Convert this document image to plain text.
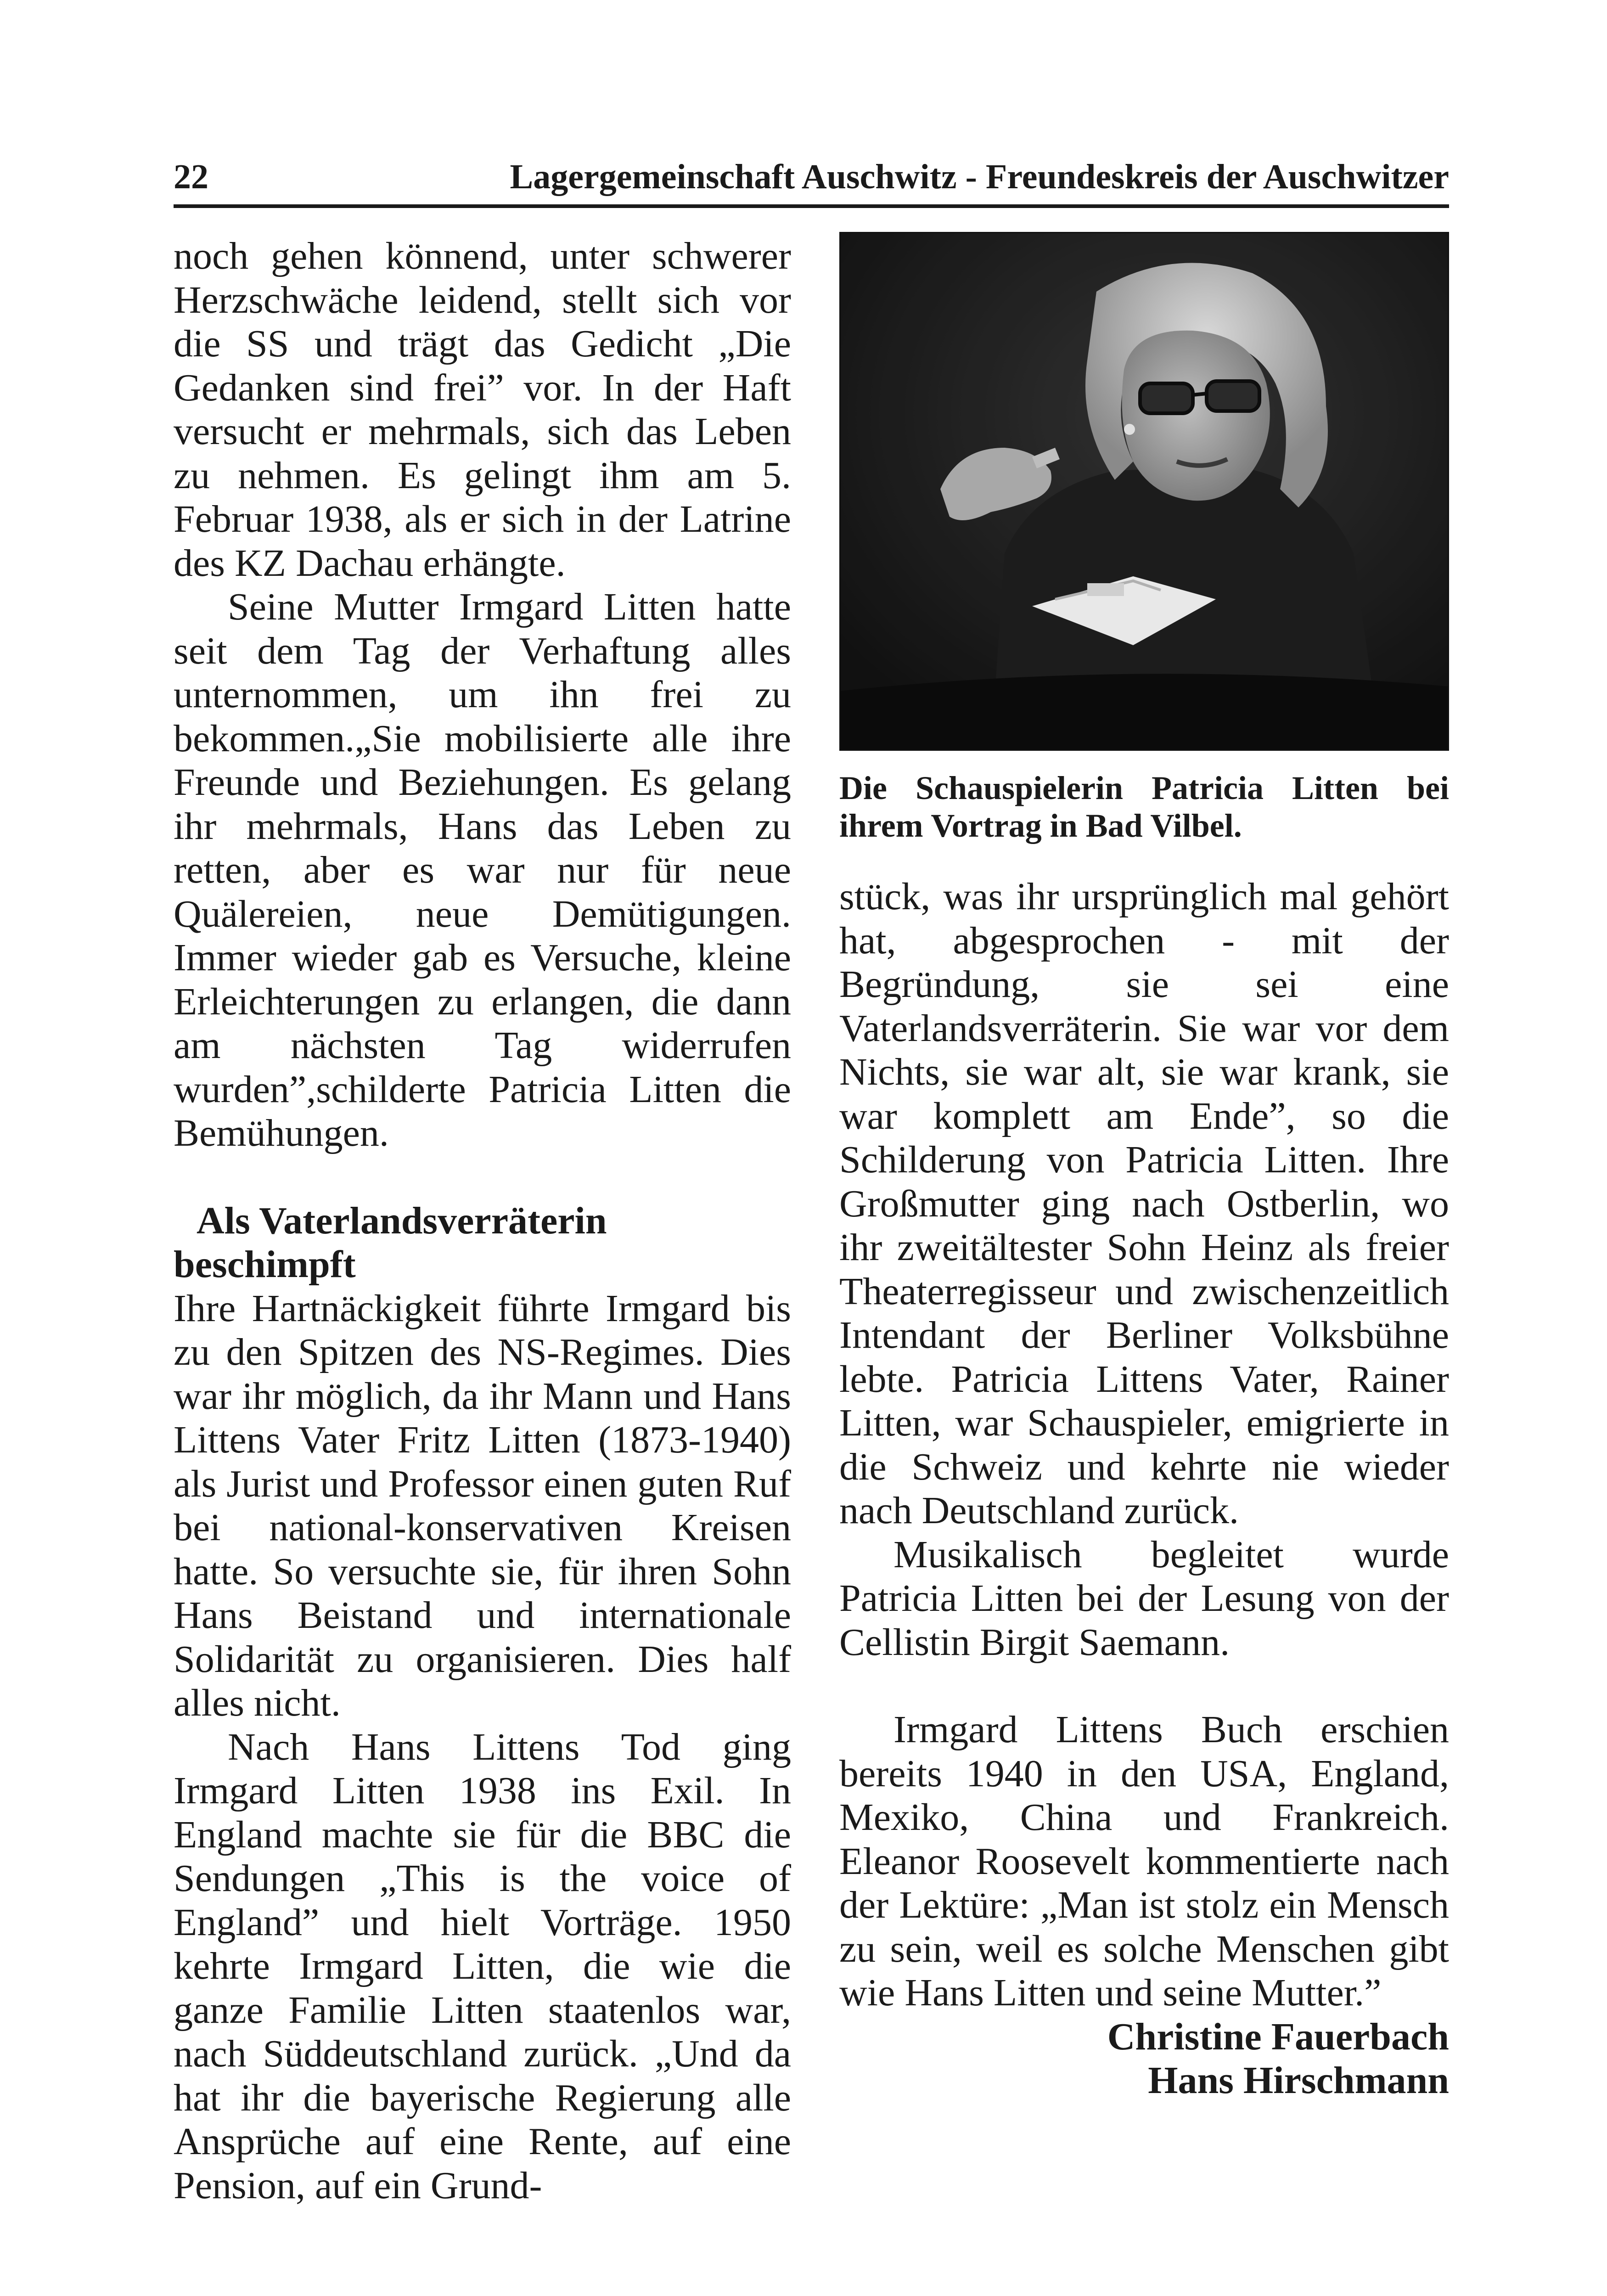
22	Lagergemeinschaft Auschwitz - Freundeskreis der Auschwitzer

noch gehen könnend, unter schwerer Herzschwäche leidend, stellt sich vor die SS und trägt das Gedicht „Die Gedanken sind frei” vor. In der Haft versucht er mehrmals, sich das Leben zu nehmen. Es gelingt ihm am 5. Februar 1938, als er sich in der Latrine des KZ Dachau erhängte.

Seine Mutter Irmgard Litten hatte seit dem Tag der Verhaftung alles unternommen, um ihn frei zu bekommen.„Sie mobilisierte alle ihre Freunde und Beziehungen. Es gelang ihr mehrmals, Hans das Leben zu retten, aber es war nur für neue Quälereien, neue Demütigungen. Immer wieder gab es Versuche, kleine Erleichterungen zu erlangen, die dann am nächsten Tag widerrufen wurden”,schilderte Patricia Litten die Bemühungen.

Als Vaterlandsverräterin beschimpft

Ihre Hartnäckigkeit führte Irmgard bis zu den Spitzen des NS-Regimes. Dies war ihr möglich, da ihr Mann und Hans Littens Vater Fritz Litten (1873-1940) als Jurist und Professor einen guten Ruf bei national-konservativen Kreisen hatte. So versuchte sie, für ihren Sohn Hans Beistand und internationale Solidarität zu organisieren. Dies half alles nicht.

Nach Hans Littens Tod ging Irmgard Litten 1938 ins Exil. In England machte sie für die BBC die Sendungen „This is the voice of England” und hielt Vorträge. 1950 kehrte Irmgard Litten, die wie die ganze Familie Litten staatenlos war, nach Süddeutschland zurück. „Und da hat ihr die bayerische Regierung alle Ansprüche auf eine Rente, auf eine Pension, auf ein Grund-

Die Schauspielerin Patricia Litten bei ihrem Vortrag in Bad Vilbel.

stück, was ihr ursprünglich mal gehört hat, abgesprochen - mit der Begründung, sie sei eine Vaterlandsverräterin. Sie war vor dem Nichts, sie war alt, sie war krank, sie war komplett am Ende”, so die Schilderung von Patricia Litten. Ihre Großmutter ging nach Ostberlin, wo ihr zweitältester Sohn Heinz als freier Theaterregisseur und zwischenzeitlich Intendant der Berliner Volksbühne lebte. Patricia Littens Vater, Rainer Litten, war Schauspieler, emigrierte in die Schweiz und kehrte nie wieder nach Deutschland zurück.

Musikalisch begleitet wurde Patricia Litten bei der Lesung von der Cellistin Birgit Saemann.

Irmgard Littens Buch erschien bereits 1940 in den USA, England, Mexiko, China und Frankreich. Eleanor Roosevelt kommentierte nach der Lektüre: „Man ist stolz ein Mensch zu sein, weil es solche Menschen gibt wie Hans Litten und seine Mutter.”

Christine Fauerbach

Hans Hirschmann
